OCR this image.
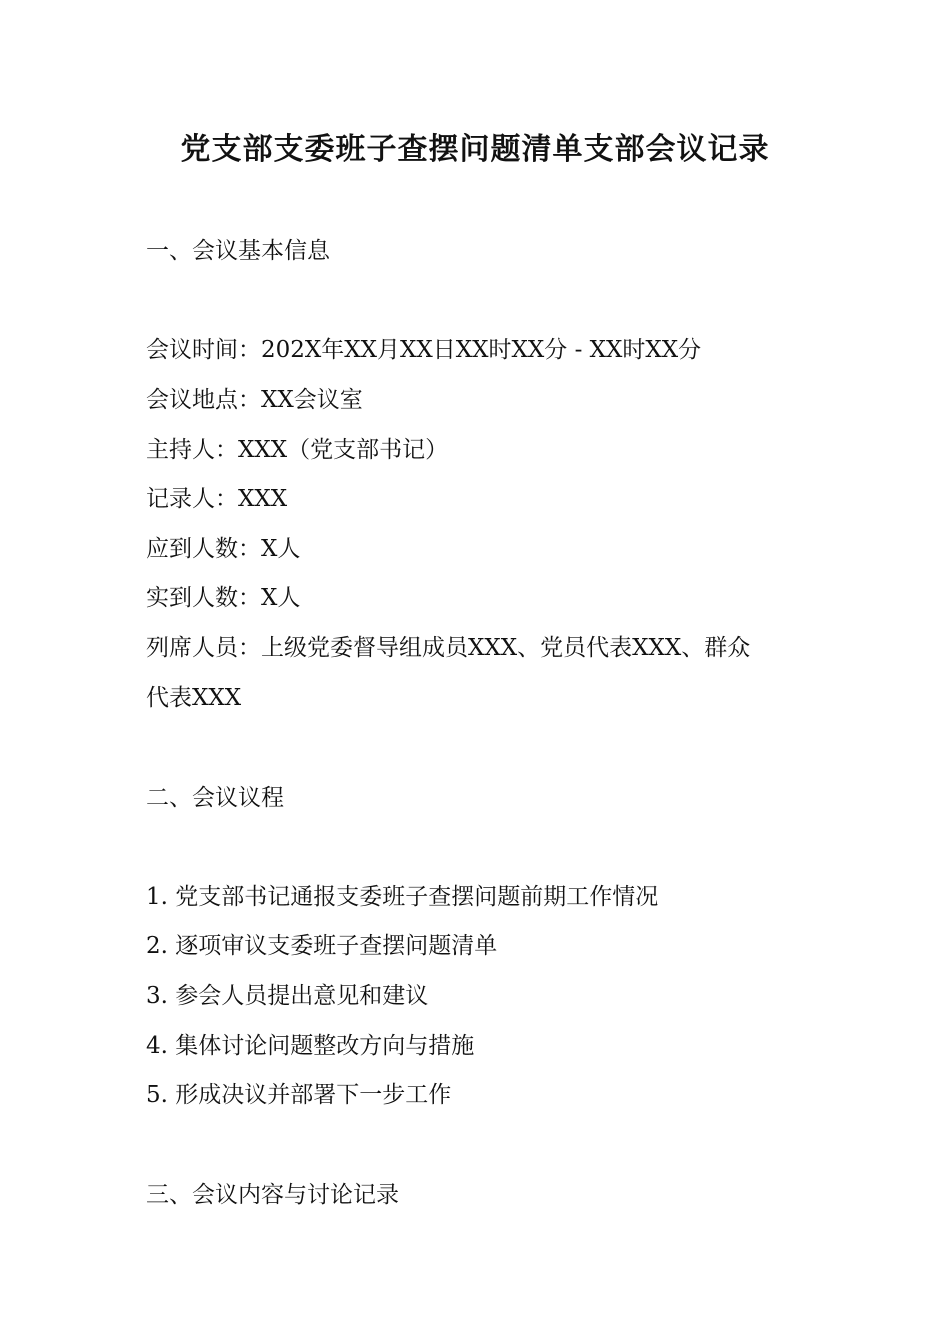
党支部支委班子查摆问题清单支部会议记录
一、会议基本信息
会议时间：202X年XX月XX日XX时XX分 - XX时XX分
会议地点：XX会议室
主持人：XXX（党支部书记）
记录人：XXX
应到人数：X人
实到人数：X人
列席人员：上级党委督导组成员XXX、党员代表XXX、群众
代表XXX
二、会议议程
1. 党支部书记通报支委班子查摆问题前期工作情况
2. 逐项审议支委班子查摆问题清单
3. 参会人员提出意见和建议
4. 集体讨论问题整改方向与措施
5. 形成决议并部署下一步工作
三、会议内容与讨论记录
